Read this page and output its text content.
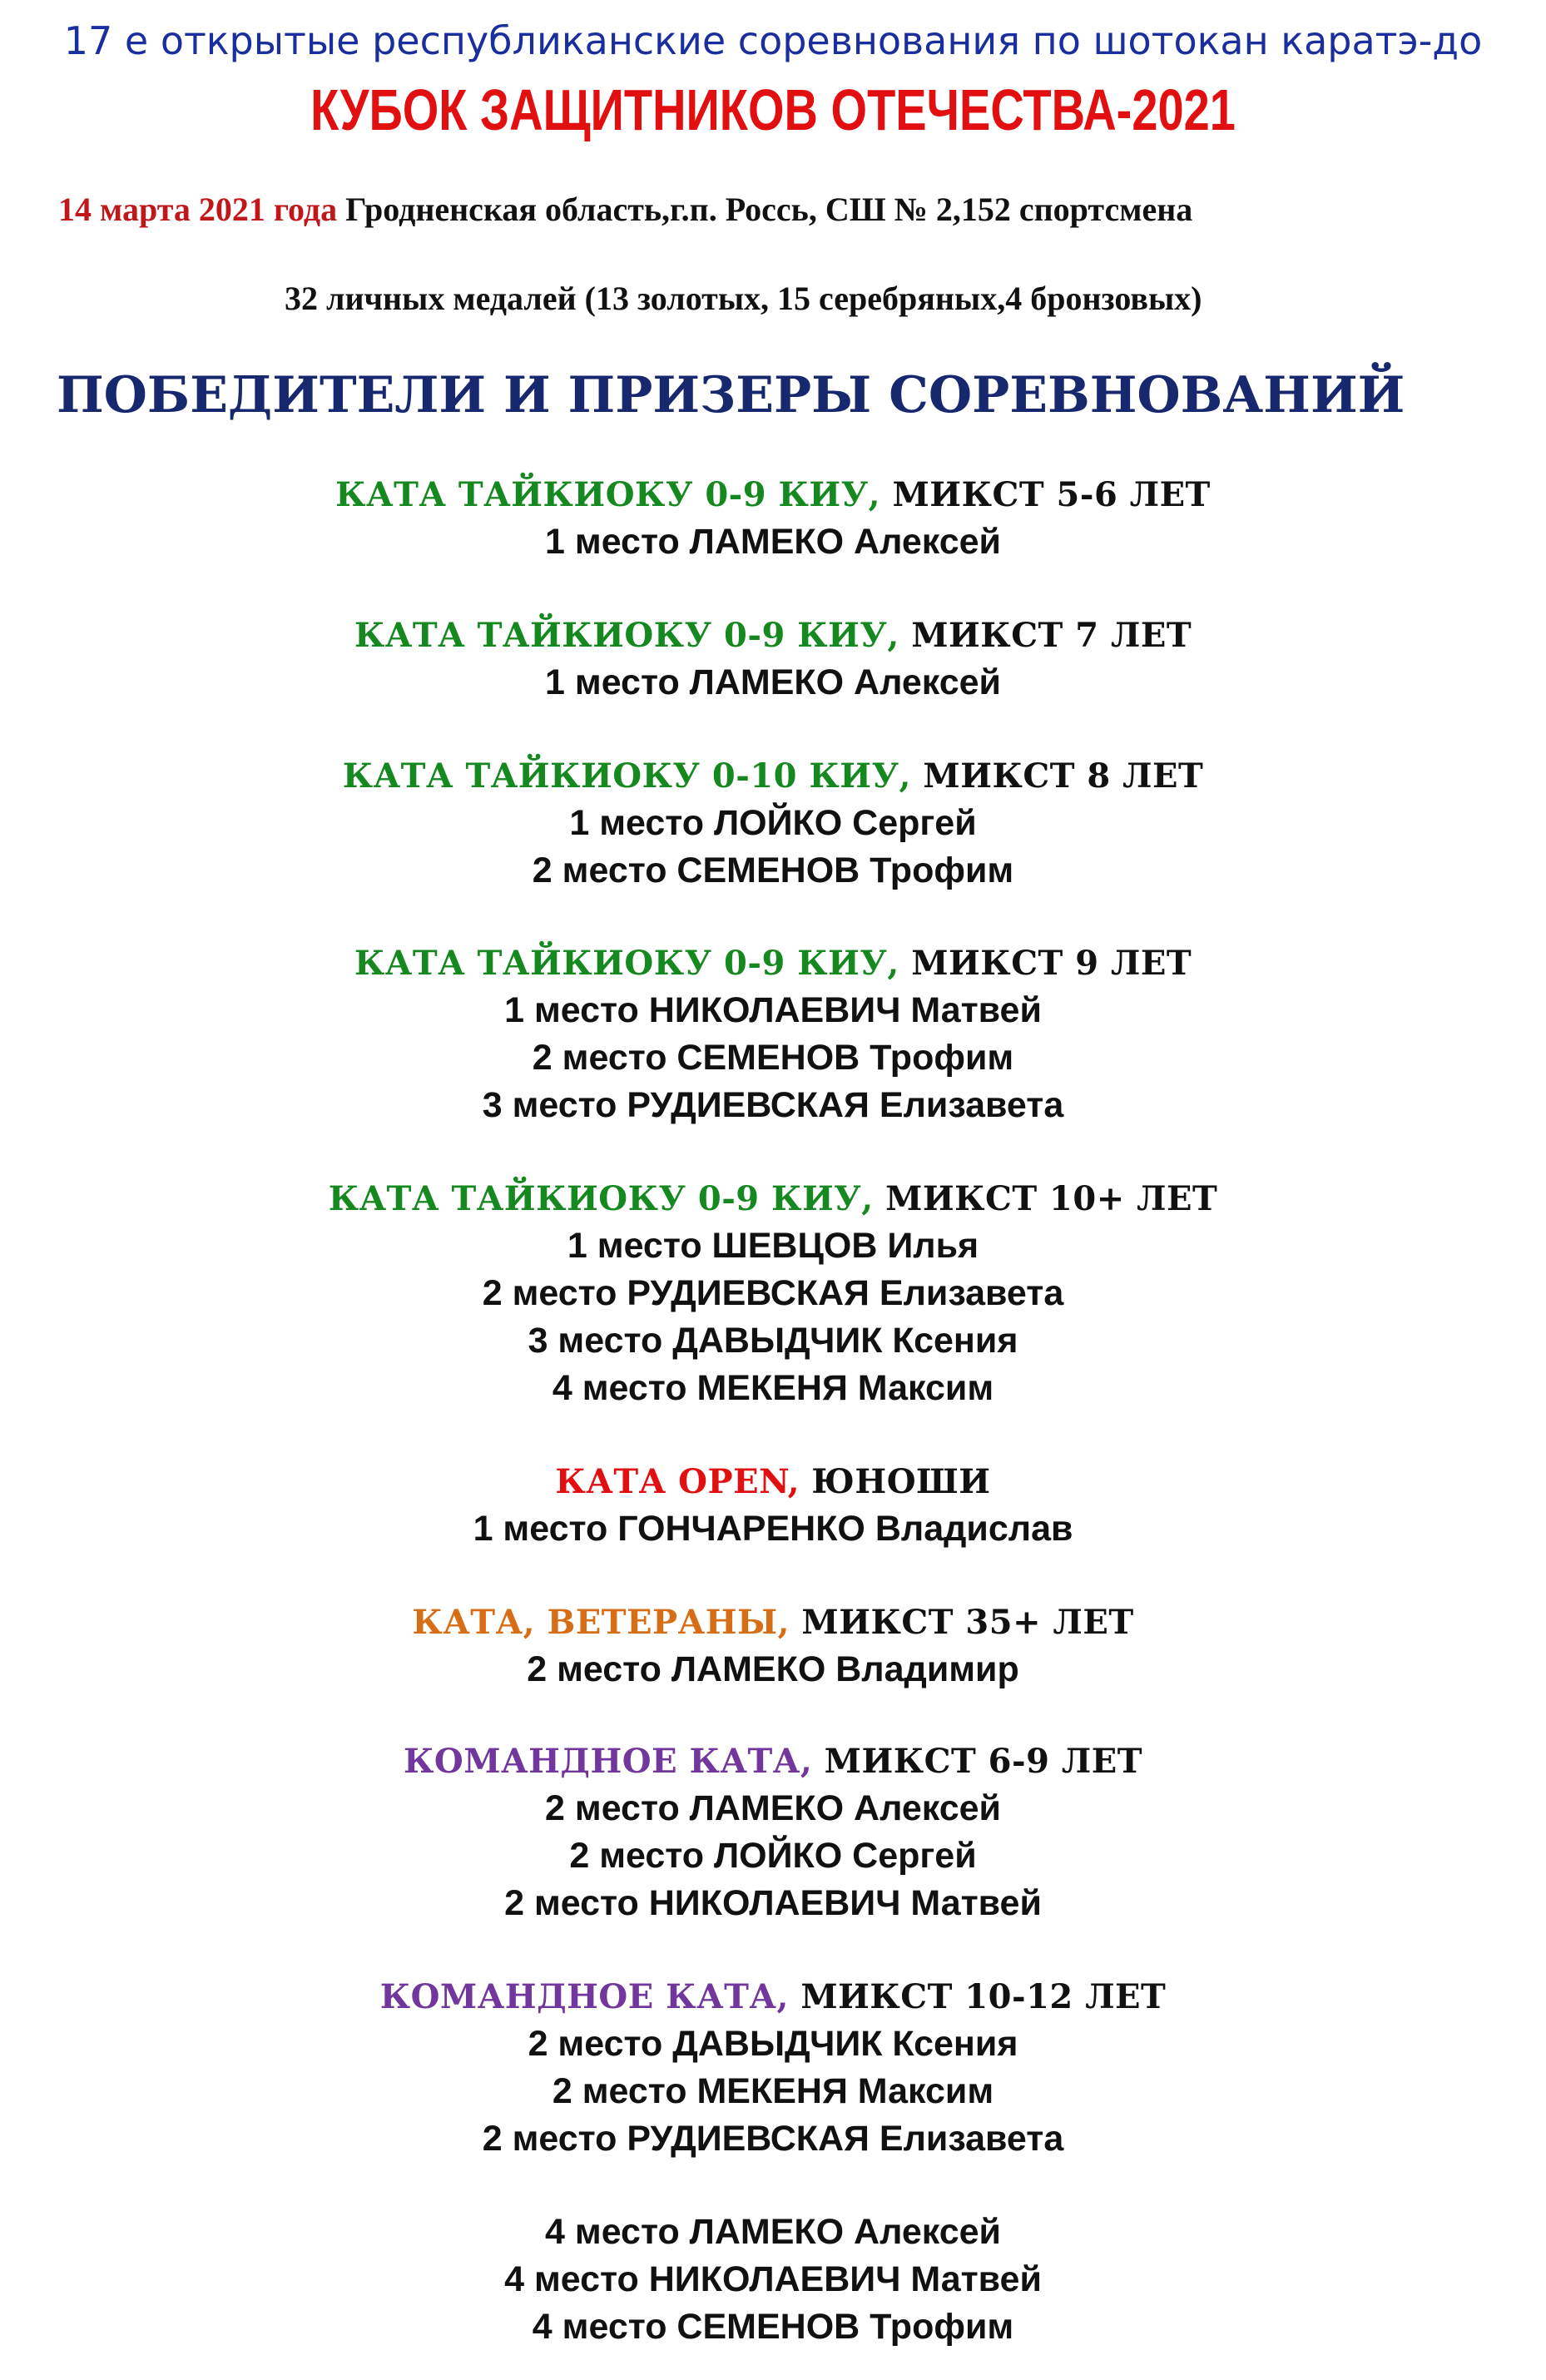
17 е открытые республиканские соревнования по шотокан каратэ-до
КУБОК ЗАЩИТНИКОВ ОТЕЧЕСТВА-2021
14 марта 2021 года Гродненская область,г.п. Россь, СШ № 2,152 спортсмена
32 личных медалей (13 золотых, 15 серебряных,4 бронзовых)
ПОБЕДИТЕЛИ И ПРИЗЕРЫ СОРЕВНОВАНИЙ
КАТА ТАЙКИОКУ 0-9 КИУ, МИКСТ 5-6 ЛЕТ
1 место ЛАМЕКО Алексей
КАТА ТАЙКИОКУ 0-9 КИУ, МИКСТ 7 ЛЕТ
1 место ЛАМЕКО Алексей
КАТА ТАЙКИОКУ 0-10 КИУ, МИКСТ 8 ЛЕТ
1 место ЛОЙКО Сергей
2 место СЕМЕНОВ Трофим
КАТА ТАЙКИОКУ 0-9 КИУ, МИКСТ 9 ЛЕТ
1 место НИКОЛАЕВИЧ Матвей
2 место СЕМЕНОВ Трофим
3 место РУДИЕВСКАЯ Елизавета
КАТА ТАЙКИОКУ 0-9 КИУ, МИКСТ 10+ ЛЕТ
1 место ШЕВЦОВ Илья
2 место РУДИЕВСКАЯ Елизавета
3 место ДАВЫДЧИК Ксения
4 место МЕКЕНЯ Максим
КАТА OPEN, ЮНОШИ
1 место ГОНЧАРЕНКО Владислав
КАТА, ВЕТЕРАНЫ, МИКСТ 35+ ЛЕТ
2 место ЛАМЕКО Владимир
КОМАНДНОЕ КАТА, МИКСТ 6-9 ЛЕТ
2 место ЛАМЕКО Алексей
2 место ЛОЙКО Сергей
2 место НИКОЛАЕВИЧ Матвей
КОМАНДНОЕ КАТА, МИКСТ 10-12 ЛЕТ
2 место ДАВЫДЧИК Ксения
2 место МЕКЕНЯ Максим
2 место РУДИЕВСКАЯ Елизавета
4 место ЛАМЕКО Алексей
4 место НИКОЛАЕВИЧ Матвей
4 место СЕМЕНОВ Трофим
